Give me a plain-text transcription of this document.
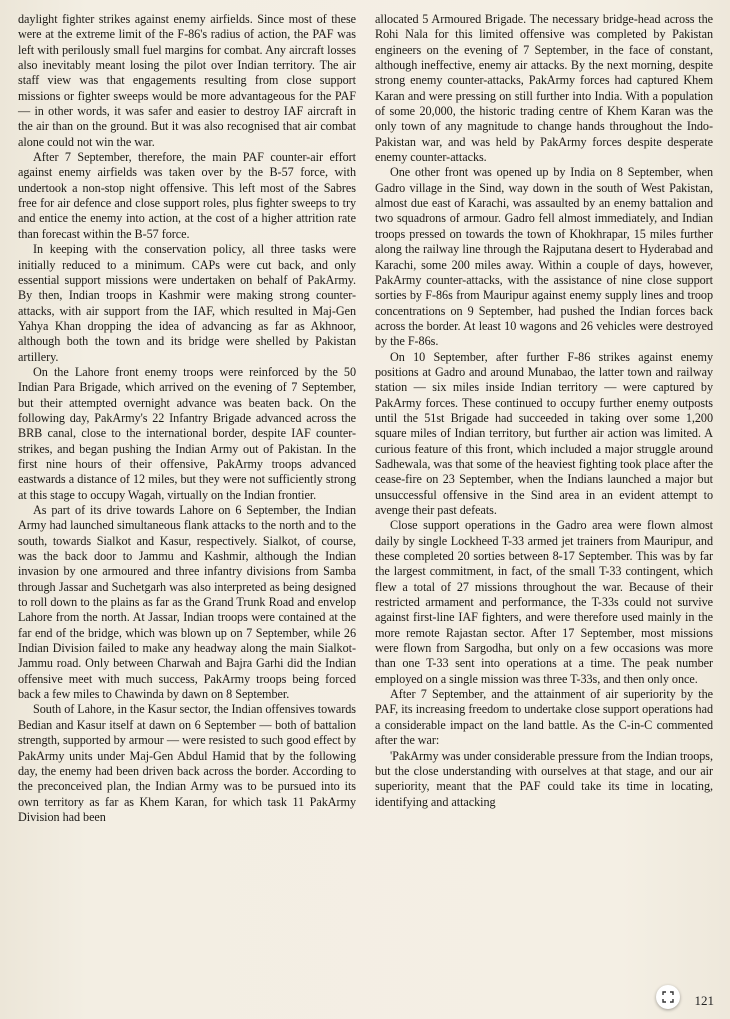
daylight fighter strikes against enemy airfields. Since most of these were at the extreme limit of the F-86's radius of action, the PAF was left with perilously small fuel margins for combat. Any aircraft losses also inevitably meant losing the pilot over Indian territory. The air staff view was that engagements resulting from close support missions or fighter sweeps would be more advantageous for the PAF — in other words, it was safer and easier to destroy IAF aircraft in the air than on the ground. But it was also recognised that air combat alone could not win the war.

After 7 September, therefore, the main PAF counter-air effort against enemy airfields was taken over by the B-57 force, with undertook a non-stop night offensive. This left most of the Sabres free for air defence and close support roles, plus fighter sweeps to try and entice the enemy into action, at the cost of a higher attrition rate than forecast within the B-57 force.

In keeping with the conservation policy, all three tasks were initially reduced to a minimum. CAPs were cut back, and only essential support missions were undertaken on behalf of PakArmy. By then, Indian troops in Kashmir were making strong counter-attacks, with air support from the IAF, which resulted in Maj-Gen Yahya Khan dropping the idea of advancing as far as Akhnoor, although both the town and its bridge were shelled by Pakistan artillery.

On the Lahore front enemy troops were reinforced by the 50 Indian Para Brigade, which arrived on the evening of 7 September, but their attempted overnight advance was beaten back. On the following day, PakArmy's 22 Infantry Brigade advanced across the BRB canal, close to the international border, despite IAF counter-strikes, and began pushing the Indian Army out of Pakistan. In the first nine hours of their offensive, PakArmy troops advanced eastwards a distance of 12 miles, but they were not sufficiently strong at this stage to occupy Wagah, virtually on the Indian frontier.

As part of its drive towards Lahore on 6 September, the Indian Army had launched simultaneous flank attacks to the north and to the south, towards Sialkot and Kasur, respectively. Sialkot, of course, was the back door to Jammu and Kashmir, although the Indian invasion by one armoured and three infantry divisions from Samba through Jassar and Suchetgarh was also interpreted as being designed to roll down to the plains as far as the Grand Trunk Road and envelop Lahore from the north. At Jassar, Indian troops were contained at the far end of the bridge, which was blown up on 7 September, while 26 Indian Division failed to make any headway along the main Sialkot-Jammu road. Only between Charwah and Bajra Garhi did the Indian offensive meet with much success, PakArmy troops being forced back a few miles to Chawinda by dawn on 8 September.

South of Lahore, in the Kasur sector, the Indian offensives towards Bedian and Kasur itself at dawn on 6 September — both of battalion strength, supported by armour — were resisted to such good effect by PakArmy units under Maj-Gen Abdul Hamid that by the following day, the enemy had been driven back across the border. According to the preconceived plan, the Indian Army was to be pursued into its own territory as far as Khem Karan, for which task 11 PakArmy Division had been

allocated 5 Armoured Brigade. The necessary bridge-head across the Rohi Nala for this limited offensive was completed by Pakistan engineers on the evening of 7 September, in the face of constant, although ineffective, enemy air attacks. By the next morning, despite strong enemy counter-attacks, PakArmy forces had captured Khem Karan and were pressing on still further into India. With a population of some 20,000, the historic trading centre of Khem Karan was the only town of any magnitude to change hands throughout the Indo-Pakistan war, and was held by PakArmy forces despite desperate enemy counter-attacks.

One other front was opened up by India on 8 September, when Gadro village in the Sind, way down in the south of West Pakistan, almost due east of Karachi, was assaulted by an enemy battalion and two squadrons of armour. Gadro fell almost immediately, and Indian troops pressed on towards the town of Khokhrapar, 15 miles further along the railway line through the Rajputana desert to Hyderabad and Karachi, some 200 miles away. Within a couple of days, however, PakArmy counter-attacks, with the assistance of nine close support sorties by F-86s from Mauripur against enemy supply lines and troop concentrations on 9 September, had pushed the Indian forces back across the border. At least 10 wagons and 26 vehicles were destroyed by the F-86s.

On 10 September, after further F-86 strikes against enemy positions at Gadro and around Munabao, the latter town and railway station — six miles inside Indian territory — were captured by PakArmy forces. These continued to occupy further enemy outposts until the 51st Brigade had succeeded in taking over some 1,200 square miles of Indian territory, but further air action was limited. A curious feature of this front, which included a major struggle around Sadhewala, was that some of the heaviest fighting took place after the cease-fire on 23 September, when the Indians launched a major but unsuccessful offensive in the Sind area in an evident attempt to avenge their past defeats.

Close support operations in the Gadro area were flown almost daily by single Lockheed T-33 armed jet trainers from Mauripur, and these completed 20 sorties between 8-17 September. This was by far the largest commitment, in fact, of the small T-33 contingent, which flew a total of 27 missions throughout the war. Because of their restricted armament and performance, the T-33s could not survive against first-line IAF fighters, and were therefore used mainly in the more remote Rajastan sector. After 17 September, most missions were flown from Sargodha, but only on a few occasions was more than one T-33 sent into operations at a time. The peak number employed on a single mission was three T-33s, and then only once.

After 7 September, and the attainment of air superiority by the PAF, its increasing freedom to undertake close support operations had a considerable impact on the land battle. As the C-in-C commented after the war:

'PakArmy was under considerable pressure from the Indian troops, but the close understanding with ourselves at that stage, and our air superiority, meant that the PAF could take its time in locating, identifying and attacking

121
